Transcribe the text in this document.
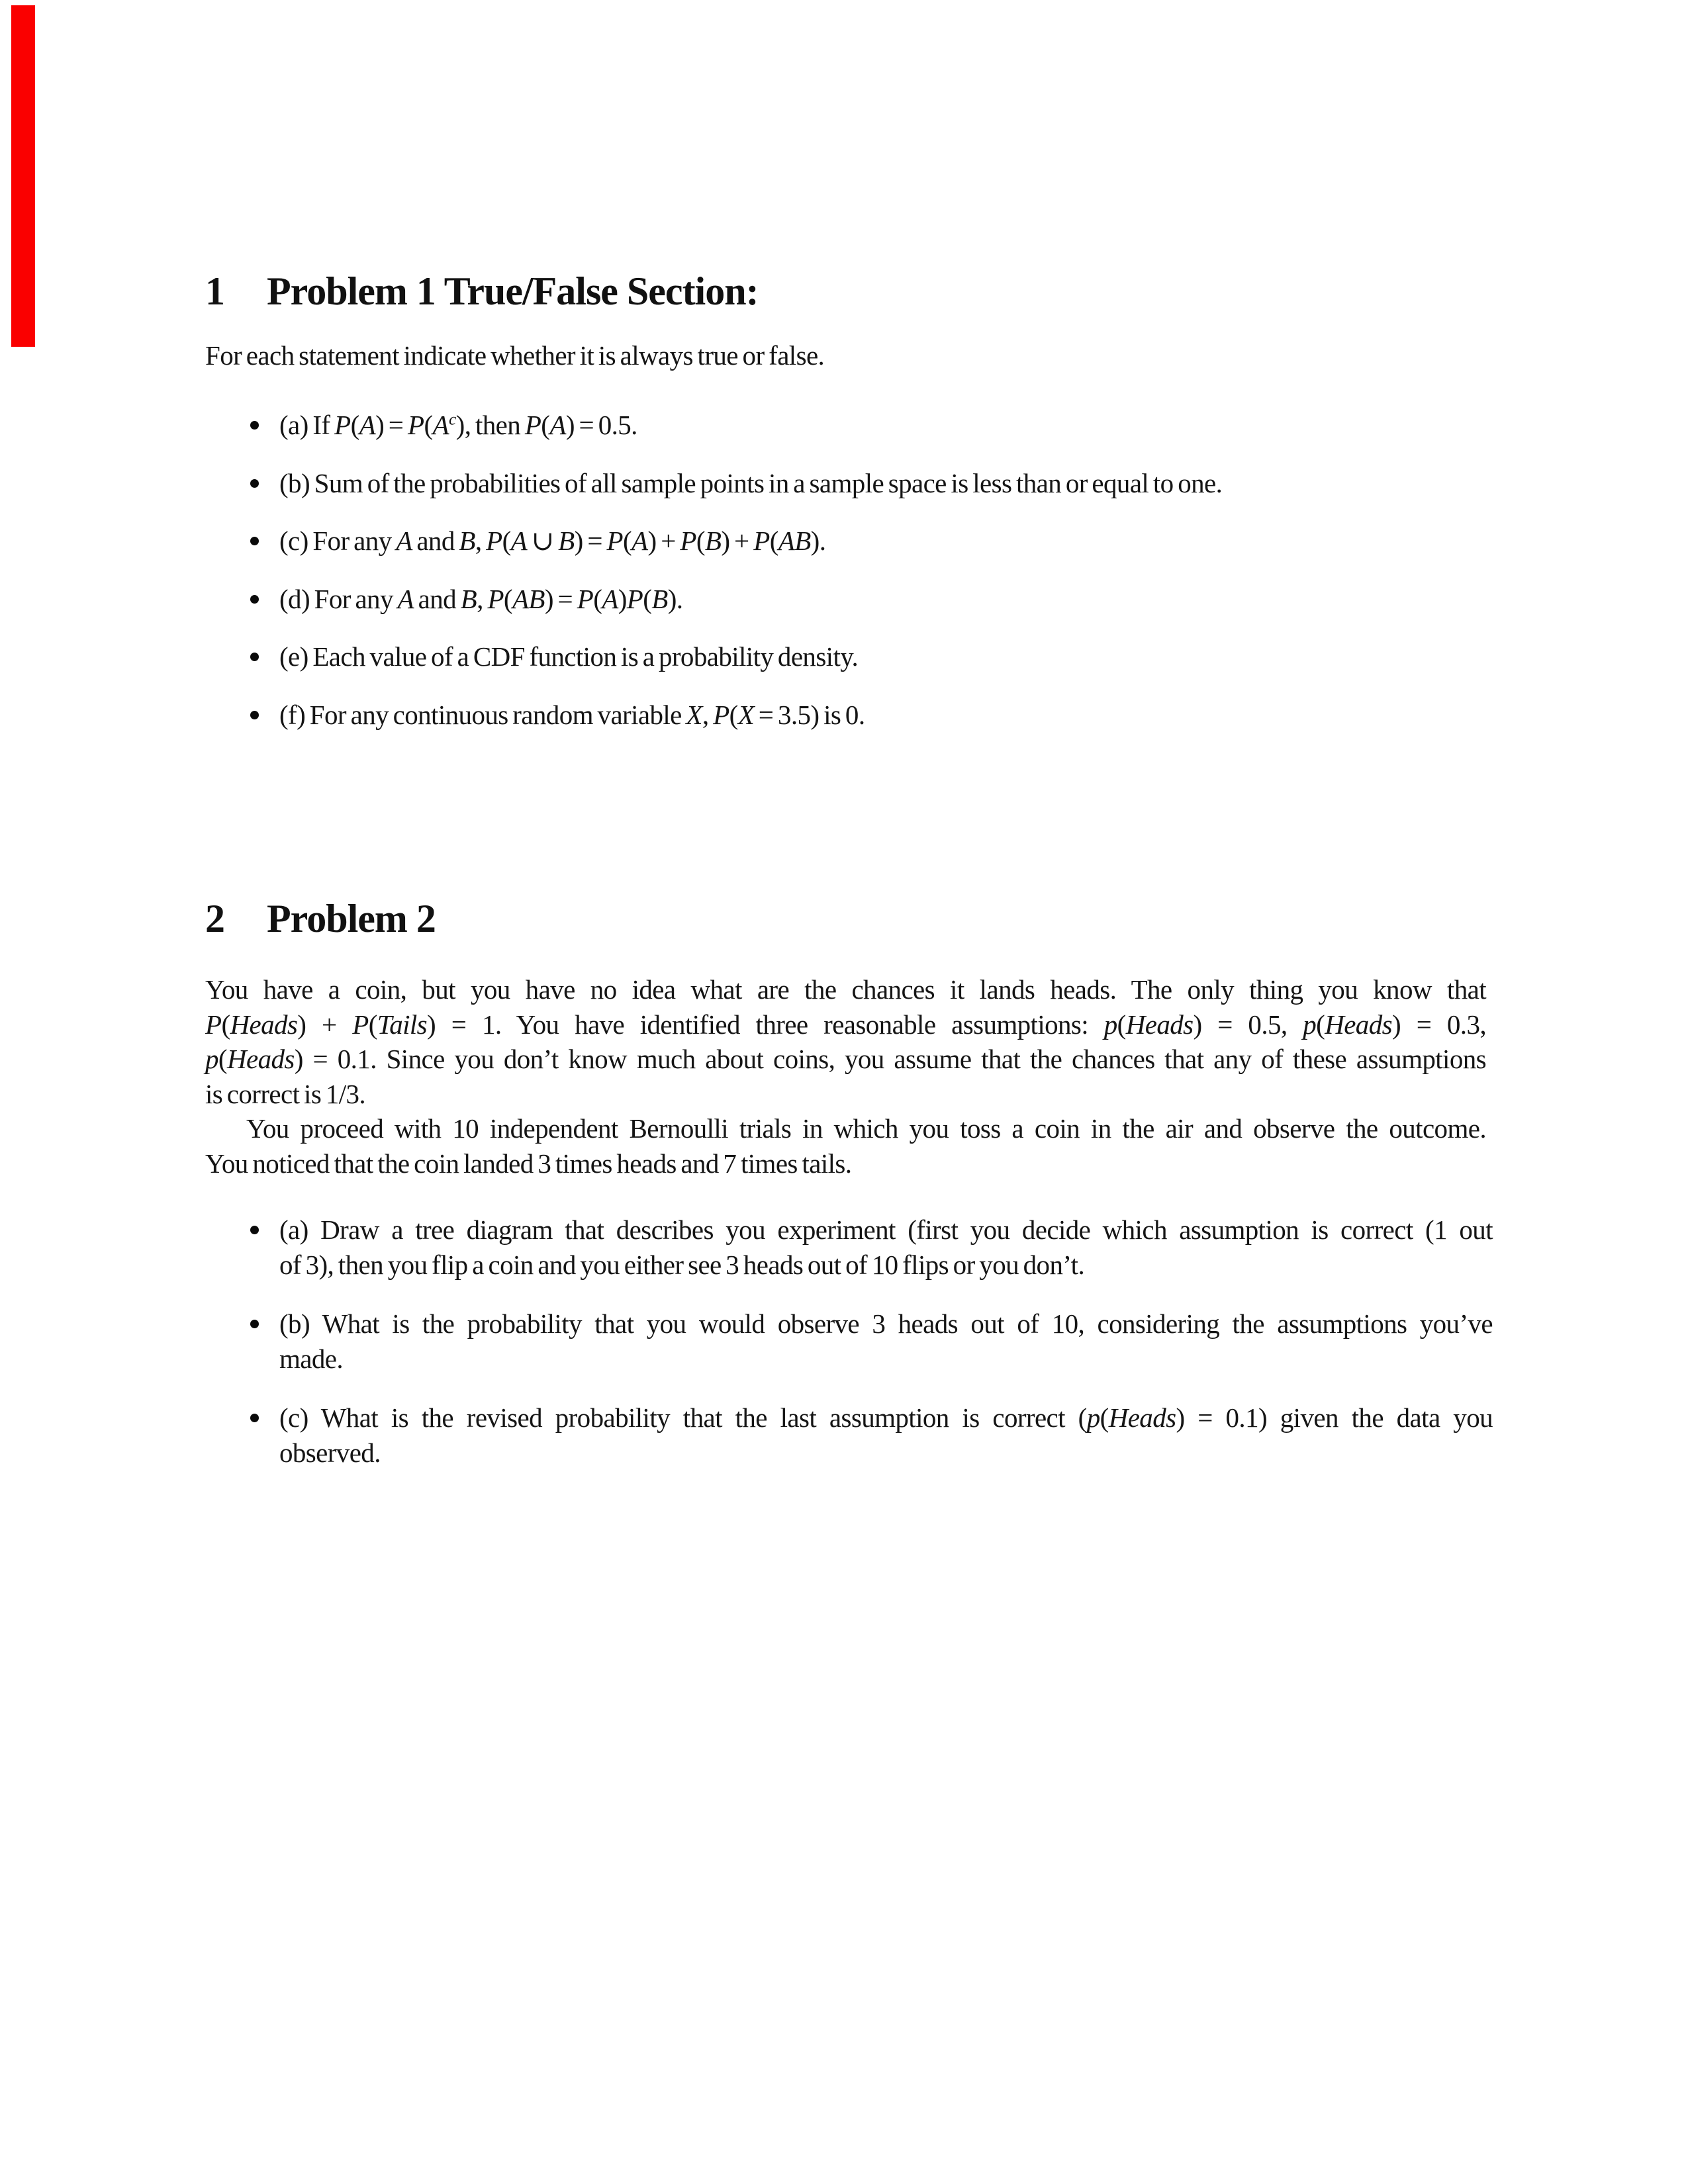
1 Problem 1 True/False Section:
For each statement indicate whether it is always true or false.
(a) If $P(A) = P(A^c)$, then P(A) = 0.5.
(b) Sum of the probabilities of all sample points in a sample space is less than or equal to one.
(c) For any A and B, P(A ∪ B) = P(A) + P(B) + P(AB).
(d) For any A and B, P(AB) = P(A)P(B).
(e) Each value of a CDF function is a probability density.
(f) For any continuous random variable X, P(X = 3.5) is 0.
2 Problem 2
You have a coin, but you have no idea what are the chances it lands heads. The only thing you know that
P(Heads) + P(Tails) = 1. You have identified three reasonable assumptions: p(Heads) = 0.5, p(Heads) = 0.3,
p(Heads) = 0.1. Since you don’t know much about coins, you assume that the chances that any of these assumptions
is correct is 1/3.
You proceed with 10 independent Bernoulli trials in which you toss a coin in the air and observe the outcome.
You noticed that the coin landed 3 times heads and 7 times tails.
(a) Draw a tree diagram that describes you experiment (first you decide which assumption is correct (1 out
of 3), then you flip a coin and you either see 3 heads out of 10 flips or you don’t.
(b) What is the probability that you would observe 3 heads out of 10, considering the assumptions you’ve
made.
(c) What is the revised probability that the last assumption is correct (p(Heads) = 0.1) given the data you
observed.
